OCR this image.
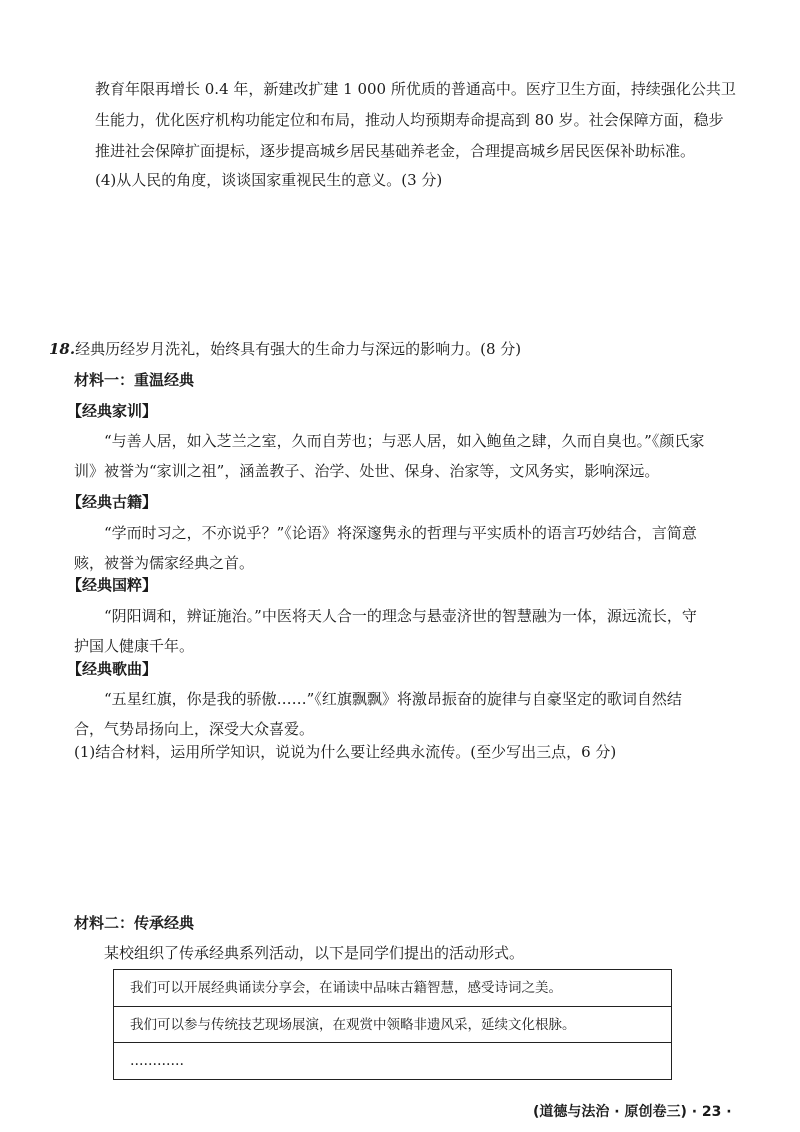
教育年限再增长 0.4 年，新建改扩建 1 000 所优质的普通高中。医疗卫生方面，持续强化公共卫
生能力，优化医疗机构功能定位和布局，推动人均预期寿命提高到 80 岁。社会保障方面，稳步
推进社会保障扩面提标，逐步提高城乡居民基础养老金，合理提高城乡居民医保补助标准。
(4)从人民的角度，谈谈国家重视民生的意义。(3 分)
18.经典历经岁月洗礼，始终具有强大的生命力与深远的影响力。(8 分)
材料一：重温经典
【经典家训】
“与善人居，如入芝兰之室，久而自芳也；与恶人居，如入鲍鱼之肆，久而自臭也。”《颜氏家
训》被誉为“家训之祖”，涵盖教子、治学、处世、保身、治家等，文风务实，影响深远。
【经典古籍】
“学而时习之，不亦说乎？”《论语》将深邃隽永的哲理与平实质朴的语言巧妙结合，言简意
赅，被誉为儒家经典之首。
【经典国粹】
“阴阳调和，辨证施治。”中医将天人合一的理念与悬壶济世的智慧融为一体，源远流长，守
护国人健康千年。
【经典歌曲】
“五星红旗，你是我的骄傲……”《红旗飘飘》将激昂振奋的旋律与自豪坚定的歌词自然结
合，气势昂扬向上，深受大众喜爱。
(1)结合材料，运用所学知识，说说为什么要让经典永流传。(至少写出三点，6 分)
材料二：传承经典
某校组织了传承经典系列活动，以下是同学们提出的活动形式。
我们可以开展经典诵读分享会，在诵读中品味古籍智慧，感受诗词之美。
我们可以参与传统技艺现场展演，在观赏中领略非遗风采，延续文化根脉。
…………
(道德与法治 · 原创卷三) · 23 ·
